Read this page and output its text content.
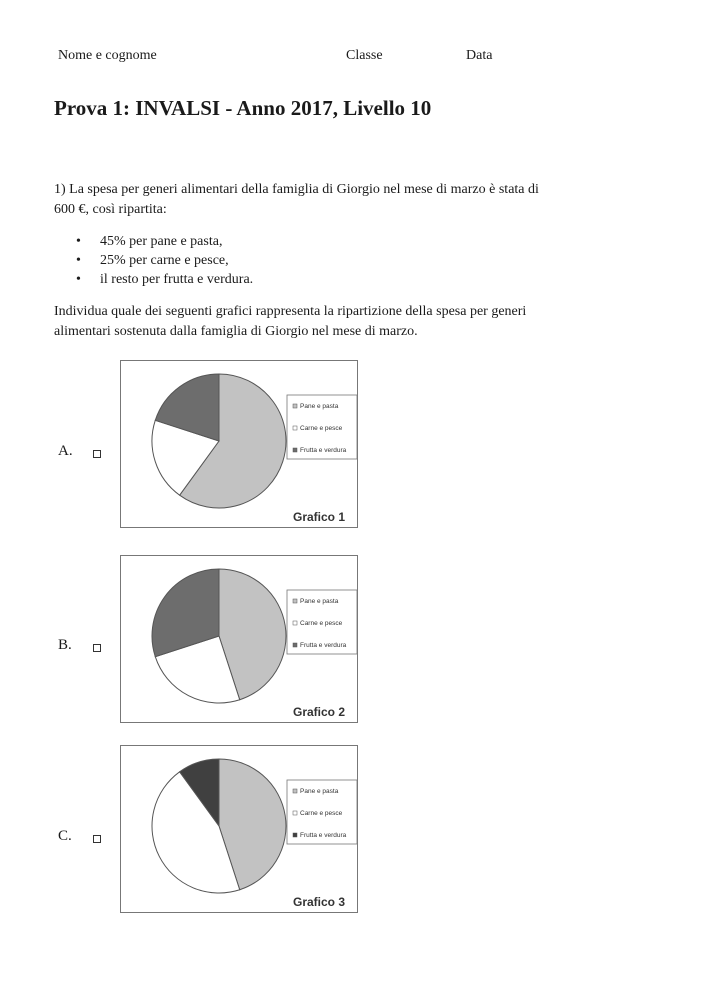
Nome e cognome	Classe	Data
Prova 1: INVALSI - Anno 2017, Livello 10

1) La spesa per generi alimentari della famiglia di Giorgio nel mese di marzo è stata di
600 €, così ripartita:

• 45% per pane e pasta,
• 25% per carne e pesce,
• il resto per frutta e verdura.

Individua quale dei seguenti grafici rappresenta la ripartizione della spesa per generi
alimentari sostenuta dalla famiglia di Giorgio nel mese di marzo.

A.
Pane e pasta
Carne e pesce
Frutta e verdura
Grafico 1
B.
Pane e pasta
Carne e pesce
Frutta e verdura
Grafico 2
C.
Pane e pasta
Carne e pesce
Frutta e verdura
Grafico 3
